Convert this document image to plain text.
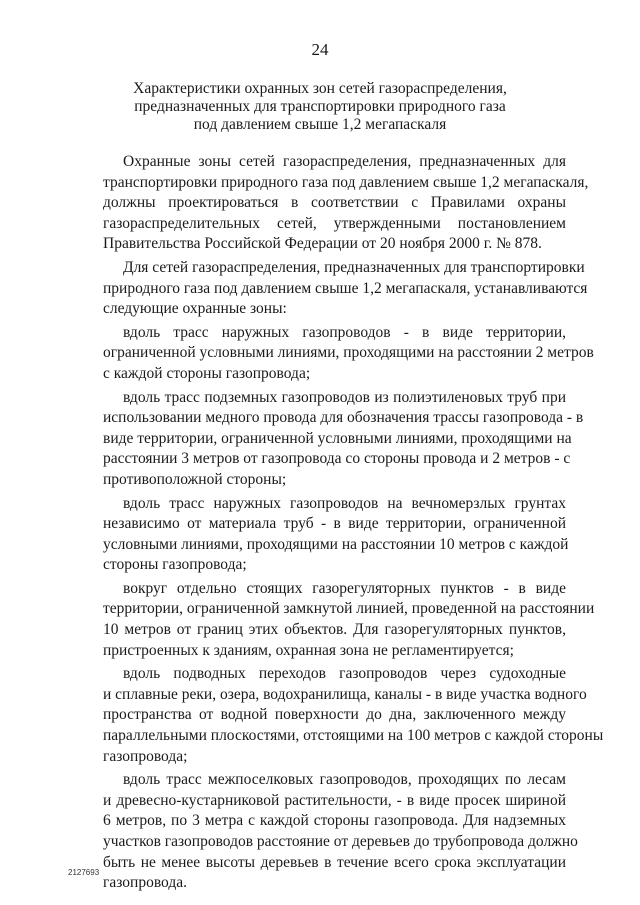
24
Характеристики охранных зон сетей газораспределения,
предназначенных для транспортировки природного газа
под давлением свыше 1,2 мегапаскаля
Охранные зоны сетей газораспределения, предназначенных для
транспортировки природного газа под давлением свыше 1,2 мегапаскаля,
должны проектироваться в соответствии с Правилами охраны
газораспределительных сетей, утвержденными постановлением
Правительства Российской Федерации от 20 ноября 2000 г. № 878.
Для сетей газораспределения, предназначенных для транспортировки
природного газа под давлением свыше 1,2 мегапаскаля, устанавливаются
следующие охранные зоны:
вдоль трасс наружных газопроводов - в виде территории,
ограниченной условными линиями, проходящими на расстоянии 2 метров
с каждой стороны газопровода;
вдоль трасс подземных газопроводов из полиэтиленовых труб при
использовании медного провода для обозначения трассы газопровода - в
виде территории, ограниченной условными линиями, проходящими на
расстоянии 3 метров от газопровода со стороны провода и 2 метров - с
противоположной стороны;
вдоль трасс наружных газопроводов на вечномерзлых грунтах
независимо от материала труб - в виде территории, ограниченной
условными линиями, проходящими на расстоянии 10 метров с каждой
стороны газопровода;
вокруг отдельно стоящих газорегуляторных пунктов - в виде
территории, ограниченной замкнутой линией, проведенной на расстоянии
10 метров от границ этих объектов. Для газорегуляторных пунктов,
пристроенных к зданиям, охранная зона не регламентируется;
вдоль подводных переходов газопроводов через судоходные
и сплавные реки, озера, водохранилища, каналы - в виде участка водного
пространства от водной поверхности до дна, заключенного между
параллельными плоскостями, отстоящими на 100 метров с каждой стороны
газопровода;
вдоль трасс межпоселковых газопроводов, проходящих по лесам
и древесно-кустарниковой растительности, - в виде просек шириной
6 метров, по 3 метра с каждой стороны газопровода. Для надземных
участков газопроводов расстояние от деревьев до трубопровода должно
быть не менее высоты деревьев в течение всего срока эксплуатации
газопровода.
2127693
